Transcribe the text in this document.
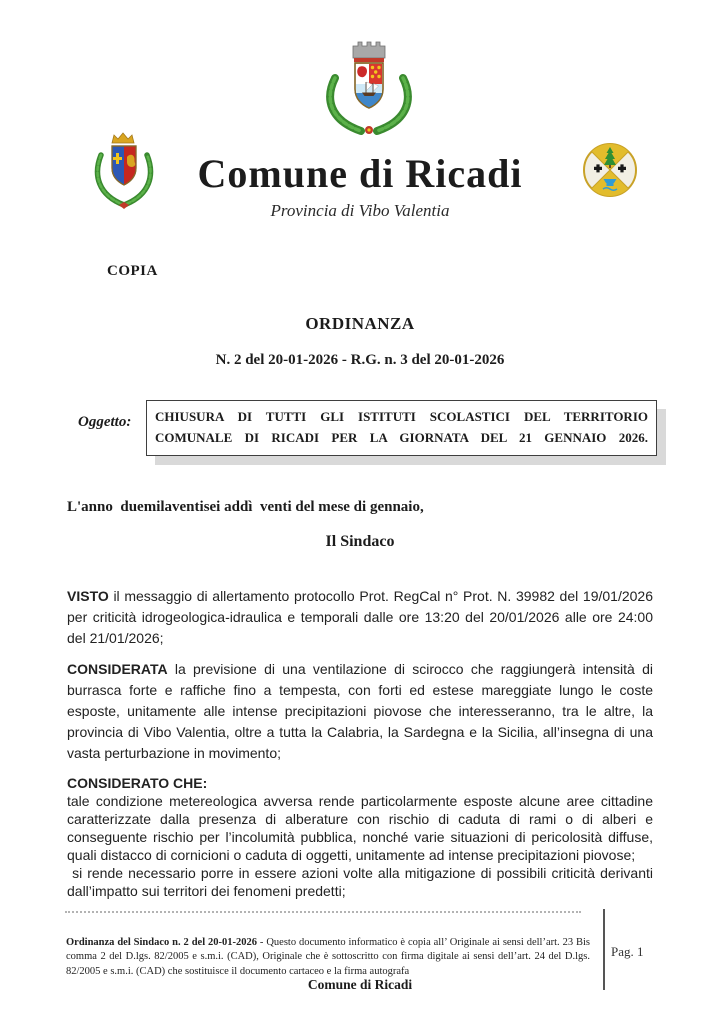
Comune di Ricadi
Provincia di Vibo Valentia
COPIA
ORDINANZA
N. 2 del 20-01-2026 - R.G. n. 3 del 20-01-2026
Oggetto:	CHIUSURA DI TUTTI GLI ISTITUTI SCOLASTICI DEL TERRITORIO
COMUNALE DI RICADI PER LA GIORNATA DEL 21 GENNAIO 2026.
L'anno  duemilaventisei addì  venti del mese di gennaio,
Il Sindaco

VISTO il messaggio di allertamento protocollo Prot. RegCal n° Prot. N. 39982 del 19/01/2026 per criticità idrogeologica-idraulica e temporali dalle ore 13:20 del 20/01/2026 alle ore 24:00 del 21/01/2026;

CONSIDERATA la previsione di una ventilazione di scirocco che raggiungerà intensità di burrasca forte e raffiche fino a tempesta, con forti ed estese mareggiate lungo le coste esposte, unitamente alle intense precipitazioni piovose che interesseranno, tra le altre, la provincia di Vibo Valentia, oltre a tutta la Calabria, la Sardegna e la Sicilia, all’insegna di una vasta perturbazione in movimento;

CONSIDERATO CHE:

tale condizione metereologica avversa rende particolarmente esposte alcune aree cittadine caratterizzate dalla presenza di alberature con rischio di caduta di rami o di alberi e conseguente rischio per l’incolumità pubblica, nonché varie situazioni di pericolosità diffuse, quali distacco di cornicioni o caduta di oggetti, unitamente ad intense precipitazioni piovose;

si rende necessario porre in essere azioni volte alla mitigazione di possibili criticità derivanti dall’impatto sui territori dei fenomeni predetti;

Ordinanza del Sindaco n. 2 del 20-01-2026 - Questo documento informatico è copia all’ Originale ai sensi dell’art. 23 Bis comma 2 del D.lgs. 82/2005 e s.m.i. (CAD), Originale che è sottoscritto con firma digitale ai sensi dell’art. 24 del D.lgs. 82/2005 e s.m.i. (CAD) che sostituisce il documento cartaceo e la firma autografa

Pag. 1
Comune di Ricadi
